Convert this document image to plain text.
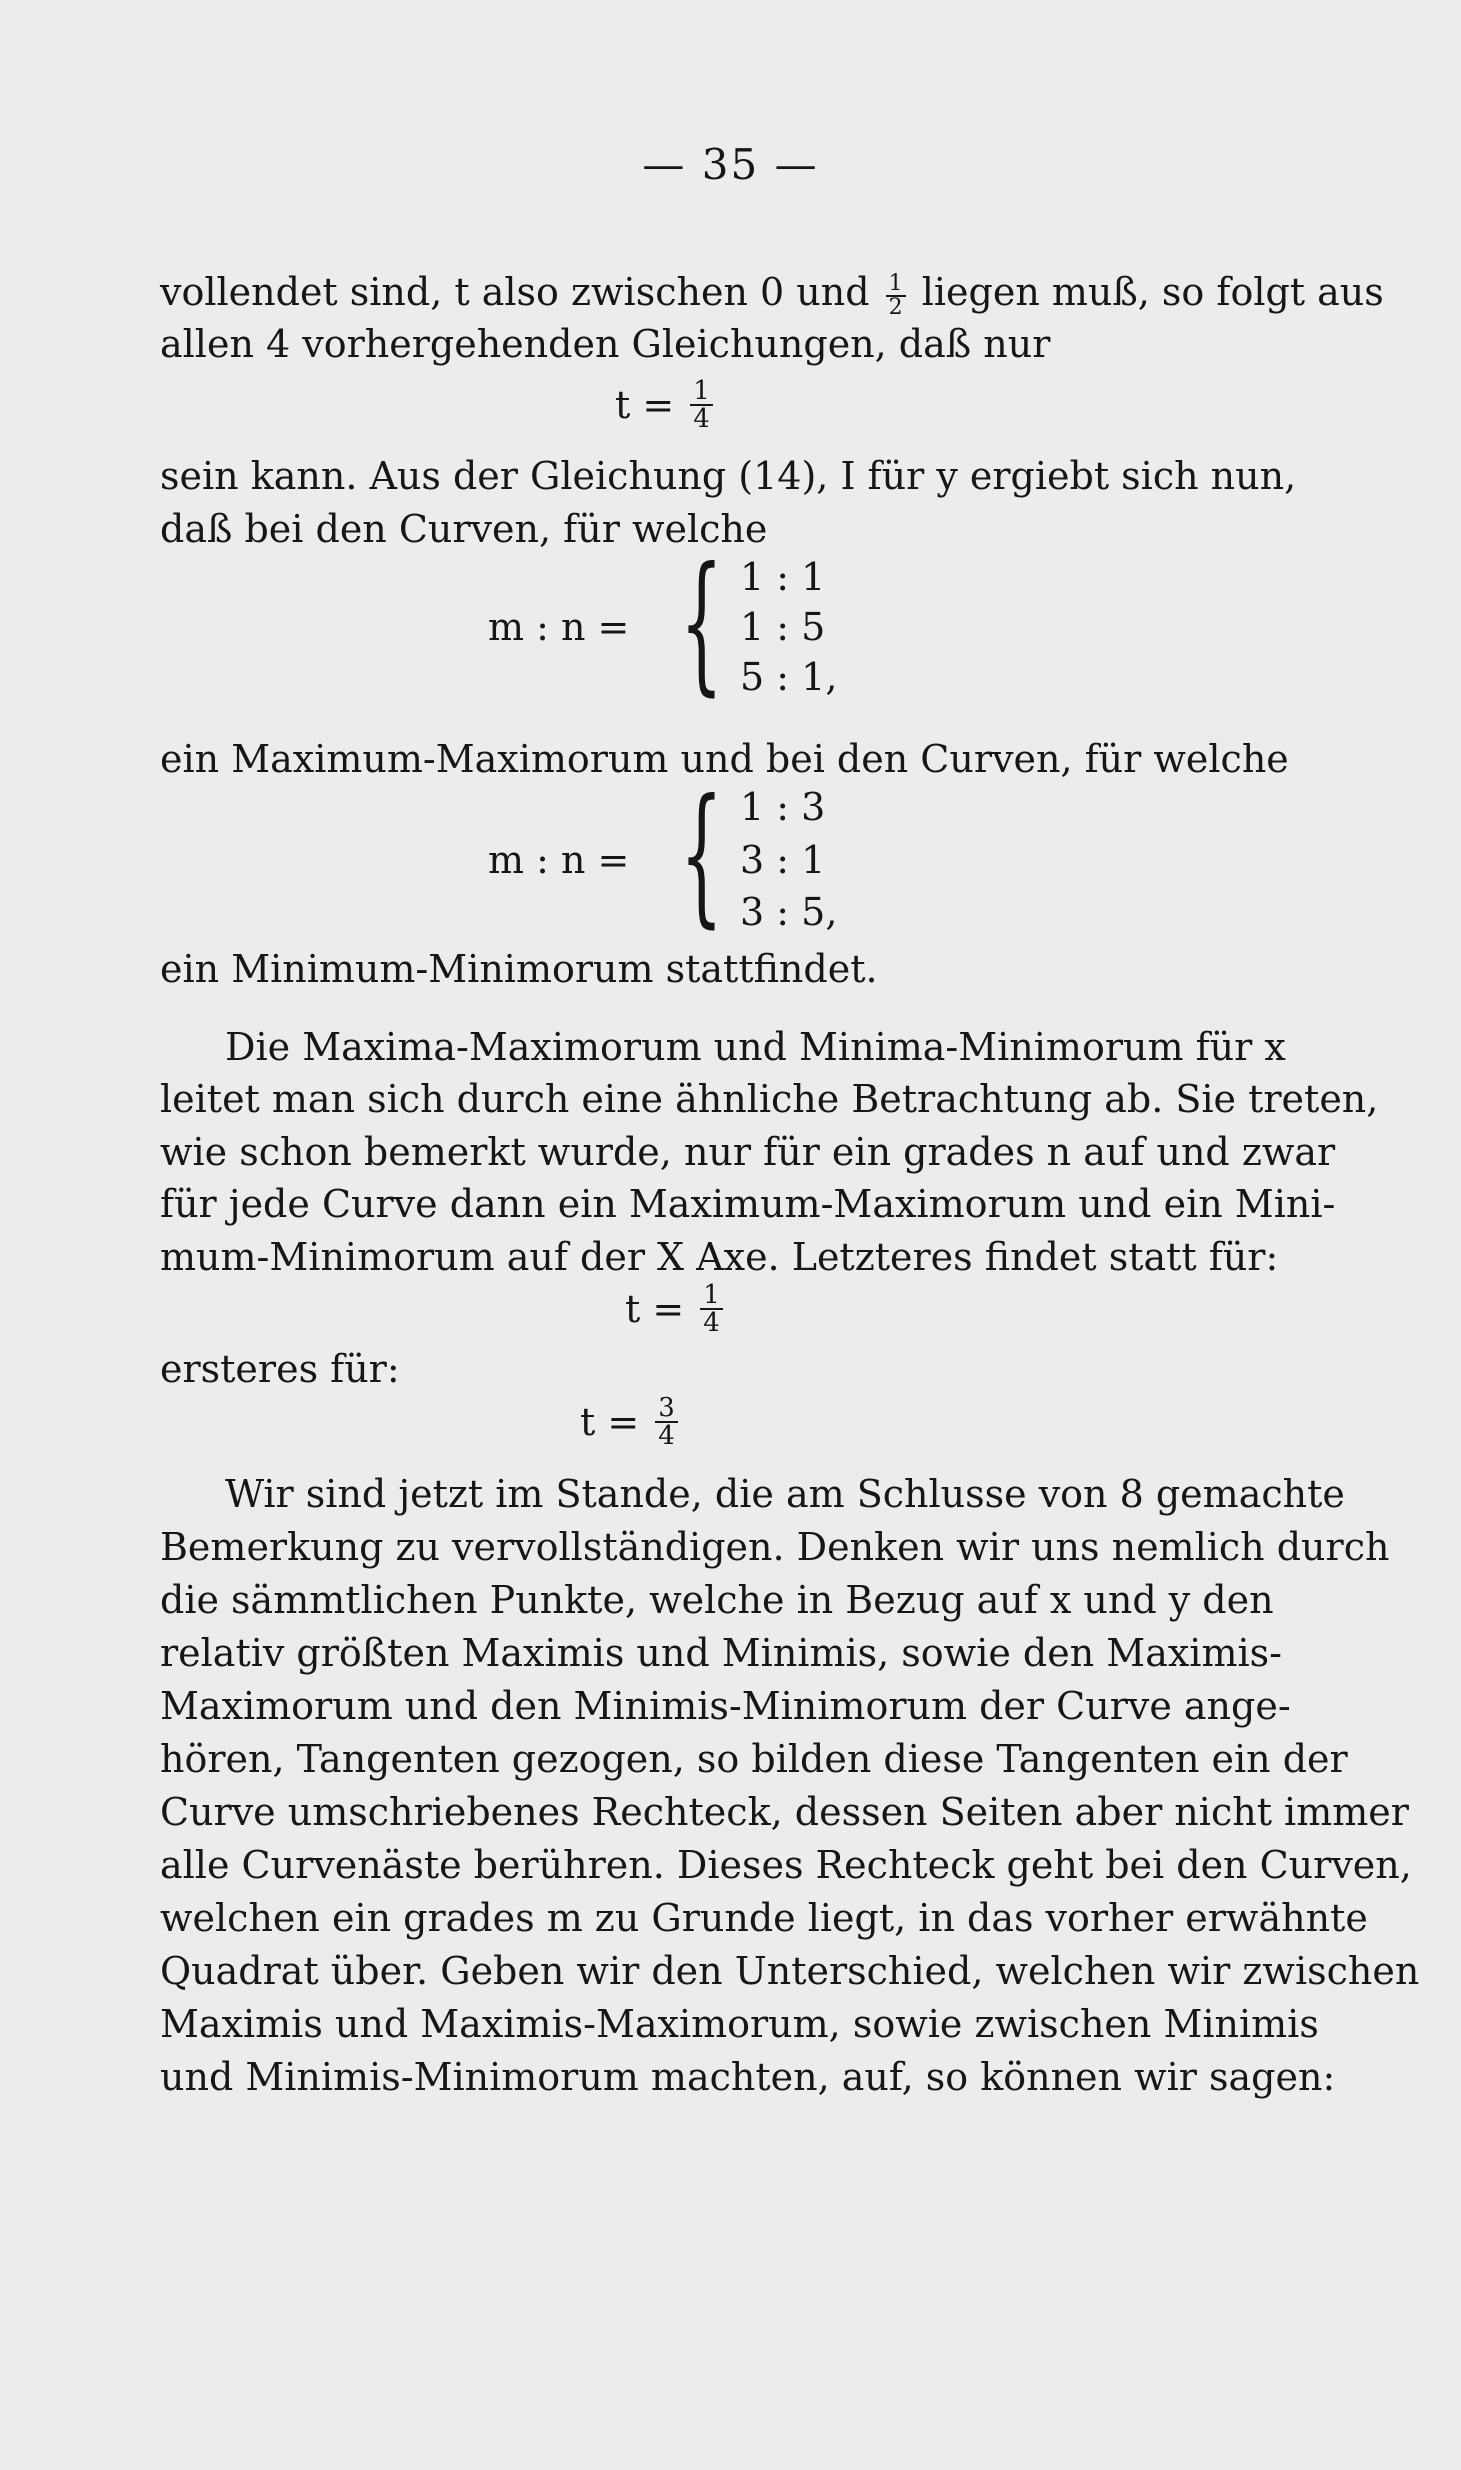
— 35 —
vollendet sind, t also zwischen 0 und $\frac{1}{2}$ liegen muß, so folgt aus
allen 4 vorhergehenden Gleichungen, daß nur
$t = \frac{1}{4}$
sein kann. Aus der Gleichung (14), I für y ergiebt sich nun,
daß bei den Curven, für welche
m : n = { 1 : 1
1 : 5
5 : 1,
ein Maximum-Maximorum und bei den Curven, für welche
m : n = { 1 : 3
3 : 1
3 : 5,
ein Minimum-Minimorum stattfindet.
Die Maxima-Maximorum und Minima-Minimorum für x
leitet man sich durch eine ähnliche Betrachtung ab. Sie treten,
wie schon bemerkt wurde, nur für ein grades n auf und zwar
für jede Curve dann ein Maximum-Maximorum und ein Mini-
mum-Minimorum auf der X Axe. Letzteres findet statt für:
$t = \frac{1}{4}$
ersteres für:
$t = \frac{3}{4}$
Wir sind jetzt im Stande, die am Schlusse von 8 gemachte
Bemerkung zu vervollständigen. Denken wir uns nemlich durch
die sämmtlichen Punkte, welche in Bezug auf x und y den
relativ größten Maximis und Minimis, sowie den Maximis-
Maximorum und den Minimis-Minimorum der Curve ange-
hören, Tangenten gezogen, so bilden diese Tangenten ein der
Curve umschriebenes Rechteck, dessen Seiten aber nicht immer
alle Curvenäste berühren. Dieses Rechteck geht bei den Curven,
welchen ein grades m zu Grunde liegt, in das vorher erwähnte
Quadrat über. Geben wir den Unterschied, welchen wir zwischen
Maximis und Maximis-Maximorum, sowie zwischen Minimis
und Minimis-Minimorum machten, auf, so können wir sagen:
